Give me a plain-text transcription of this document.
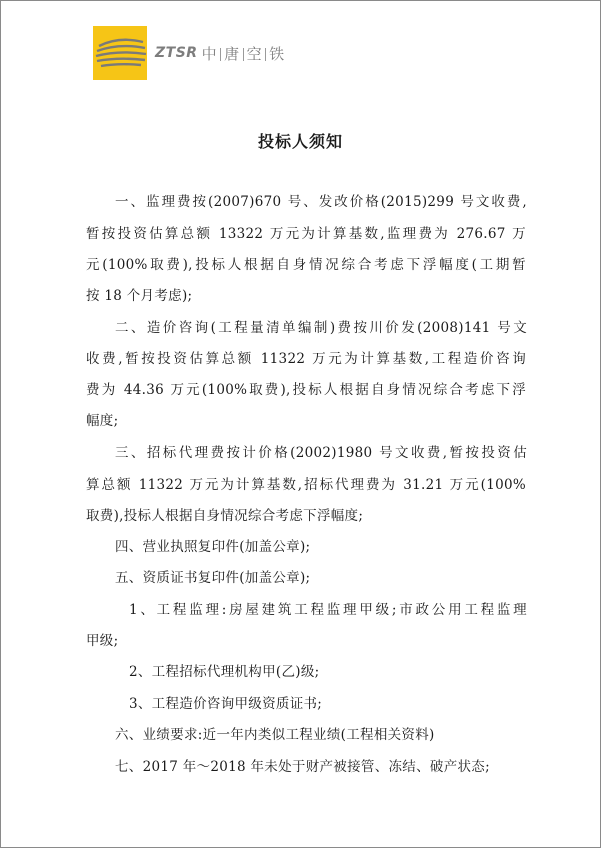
ZTSR 中 唐 空 铁
投标人须知
一、监理费按(2007)670 号、发改价格(2015)299 号文收费,
暂按投资估算总额 13322 万元为计算基数,监理费为 276.67 万
元(100%取费),投标人根据自身情况综合考虑下浮幅度(工期暂
按 18 个月考虑);
二、造价咨询(工程量清单编制)费按川价发(2008)141 号文
收费,暂按投资估算总额 11322 万元为计算基数,工程造价咨询
费为 44.36 万元(100%取费),投标人根据自身情况综合考虑下浮
幅度;
三、招标代理费按计价格(2002)1980 号文收费,暂按投资估
算总额 11322 万元为计算基数,招标代理费为 31.21 万元(100%
取费),投标人根据自身情况综合考虑下浮幅度;
四、营业执照复印件(加盖公章);
五、资质证书复印件(加盖公章);
1、工程监理:房屋建筑工程监理甲级;市政公用工程监理
甲级;
2、工程招标代理机构甲(乙)级;
3、工程造价咨询甲级资质证书;
六、业绩要求:近一年内类似工程业绩(工程相关资料)
七、2017 年～2018 年未处于财产被接管、冻结、破产状态;
